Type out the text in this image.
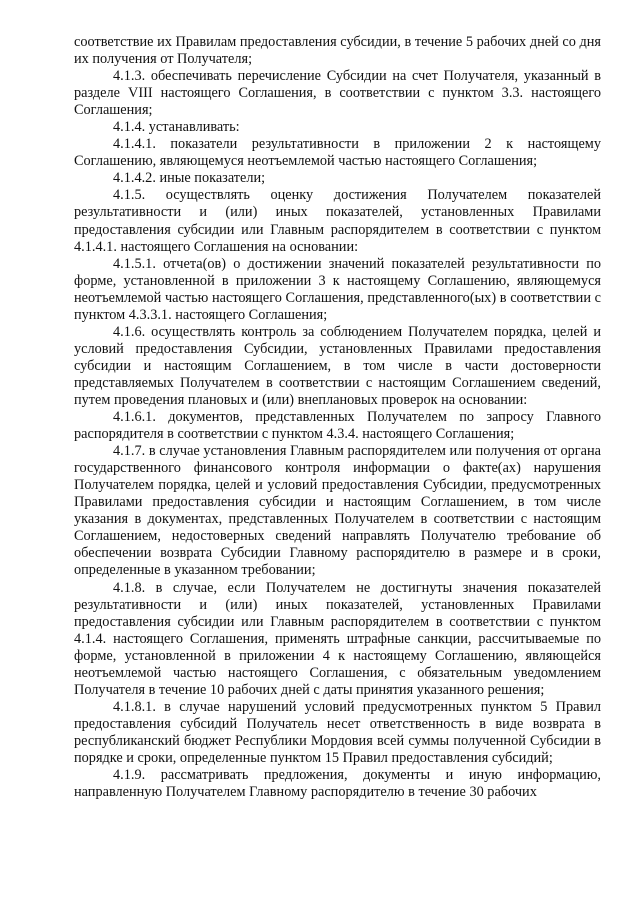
соответствие их Правилам предоставления субсидии, в течение 5 рабочих дней со дня их получения от Получателя;

4.1.3. обеспечивать перечисление Субсидии на счет Получателя, указанный в разделе VIII настоящего Соглашения, в соответствии с пунктом 3.3. настоящего Соглашения;

4.1.4. устанавливать:

4.1.4.1. показатели результативности в приложении 2 к настоящему Соглашению, являющемуся неотъемлемой частью настоящего Соглашения;

4.1.4.2. иные показатели;

4.1.5. осуществлять оценку достижения Получателем показателей результативности и (или) иных показателей, установленных Правилами предоставления субсидии или Главным распорядителем в соответствии с пунктом 4.1.4.1. настоящего Соглашения на основании:

4.1.5.1. отчета(ов) о достижении значений показателей результативности по форме, установленной в приложении 3 к настоящему Соглашению, являющемуся неотъемлемой частью настоящего Соглашения, представленного(ых) в соответствии с пунктом 4.3.3.1. настоящего Соглашения;

4.1.6. осуществлять контроль за соблюдением Получателем порядка, целей и условий предоставления Субсидии, установленных Правилами предоставления субсидии и настоящим Соглашением, в том числе в части достоверности представляемых Получателем в соответствии с настоящим Соглашением сведений, путем проведения плановых и (или) внеплановых проверок на основании:

4.1.6.1. документов, представленных Получателем по запросу Главного распорядителя в соответствии с пунктом 4.3.4. настоящего Соглашения;

4.1.7. в случае установления Главным распорядителем или получения от органа государственного финансового контроля информации о факте(ах) нарушения Получателем порядка, целей и условий предоставления Субсидии, предусмотренных Правилами предоставления субсидии и настоящим Соглашением, в том числе указания в документах, представленных Получателем в соответствии с настоящим Соглашением, недостоверных сведений направлять Получателю требование об обеспечении возврата Субсидии Главному распорядителю в размере и в сроки, определенные в указанном требовании;

4.1.8. в случае, если Получателем не достигнуты значения показателей результативности и (или) иных показателей, установленных Правилами предоставления субсидии или Главным распорядителем в соответствии с пунктом 4.1.4. настоящего Соглашения, применять штрафные санкции, рассчитываемые по форме, установленной в приложении 4 к настоящему Соглашению, являющейся неотъемлемой частью настоящего Соглашения, с обязательным уведомлением Получателя в течение 10 рабочих дней с даты принятия указанного решения;

4.1.8.1. в случае нарушений условий предусмотренных пунктом 5 Правил предоставления субсидий Получатель несет ответственность в виде возврата в республиканский бюджет Республики Мордовия всей суммы полученной Субсидии в порядке и сроки, определенные пунктом 15 Правил предоставления субсидий;

4.1.9. рассматривать предложения, документы и иную информацию, направленную Получателем Главному распорядителю в течение 30 рабочих
